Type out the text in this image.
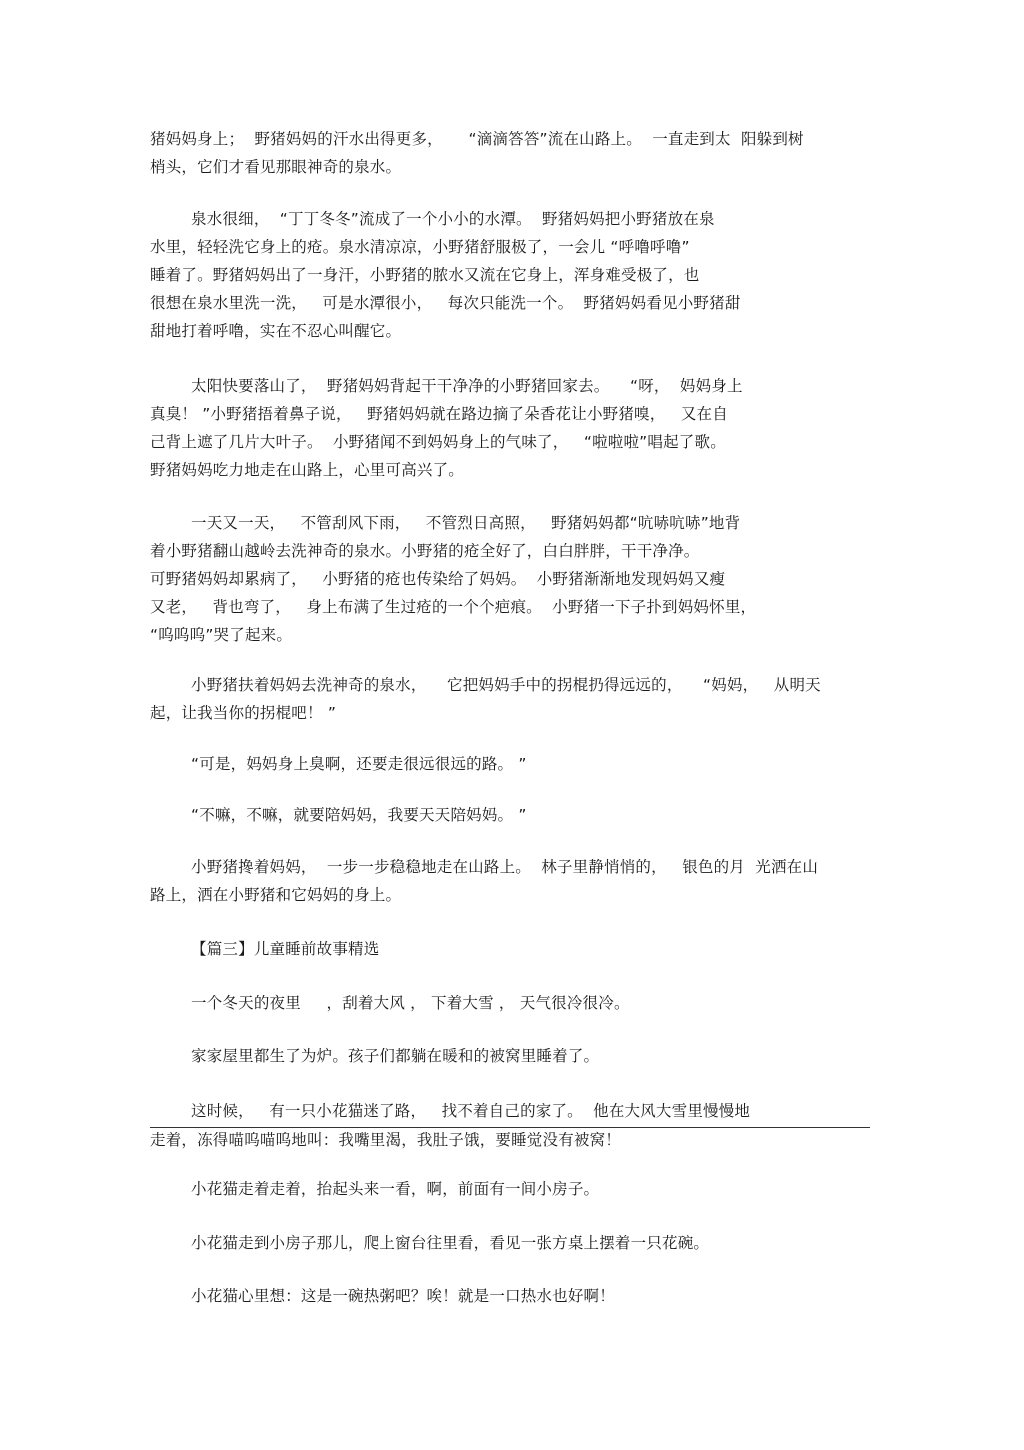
猪妈妈身上；  野猪妈妈的汗水出得更多，     “滴滴答答”流在山路上。  一直走到太  阳躲到树
梢头，它们才看见那眼神奇的泉水。
泉水很细，  “丁丁冬冬”流成了一个小小的水潭。  野猪妈妈把小野猪放在泉
水里，轻轻洗它身上的疮。泉水清凉凉，小野猪舒服极了，一会儿 “呼噜呼噜”
睡着了。野猪妈妈出了一身汗，小野猪的脓水又流在它身上，浑身难受极了，也
很想在泉水里洗一洗，   可是水潭很小，   每次只能洗一个。  野猪妈妈看见小野猪甜
甜地打着呼噜，实在不忍心叫醒它。
太阳快要落山了，  野猪妈妈背起干干净净的小野猪回家去。    “呀，  妈妈身上
真臭！ ”小野猪捂着鼻子说，   野猪妈妈就在路边摘了朵香花让小野猪嗅，   又在自
己背上遮了几片大叶子。  小野猪闻不到妈妈身上的气味了，   “啦啦啦”唱起了歌。
野猪妈妈吃力地走在山路上，心里可高兴了。
一天又一天，   不管刮风下雨，   不管烈日高照，   野猪妈妈都“吭哧吭哧”地背
着小野猪翻山越岭去洗神奇的泉水。小野猪的疮全好了，白白胖胖，干干净净。
可野猪妈妈却累病了，   小野猪的疮也传染给了妈妈。  小野猪渐渐地发现妈妈又瘦
又老，   背也弯了，   身上布满了生过疮的一个个疤痕。  小野猪一下子扑到妈妈怀里，
“呜呜呜”哭了起来。
小野猪扶着妈妈去洗神奇的泉水，    它把妈妈手中的拐棍扔得远远的，    “妈妈，   从明天
起，让我当你的拐棍吧！ ”
“可是，妈妈身上臭啊，还要走很远很远的路。 ”
“不嘛，不嘛，就要陪妈妈，我要天天陪妈妈。 ”
小野猪搀着妈妈，  一步一步稳稳地走在山路上。  林子里静悄悄的，   银色的月  光洒在山
路上，洒在小野猪和它妈妈的身上。
【篇三】儿童睡前故事精选
一个冬天的夜里     ，刮着大风 ， 下着大雪 ， 天气很冷很冷。
家家屋里都生了为炉。孩子们都躺在暖和的被窝里睡着了。
这时候，   有一只小花猫迷了路，   找不着自己的家了。  他在大风大雪里慢慢地
走着，冻得喵呜喵呜地叫：我嘴里渴，我肚子饿，要睡觉没有被窝！
小花猫走着走着，抬起头来一看，啊，前面有一间小房子。
小花猫走到小房子那儿，爬上窗台往里看，看见一张方桌上摆着一只花碗。
小花猫心里想：这是一碗热粥吧？唉！就是一口热水也好啊！
